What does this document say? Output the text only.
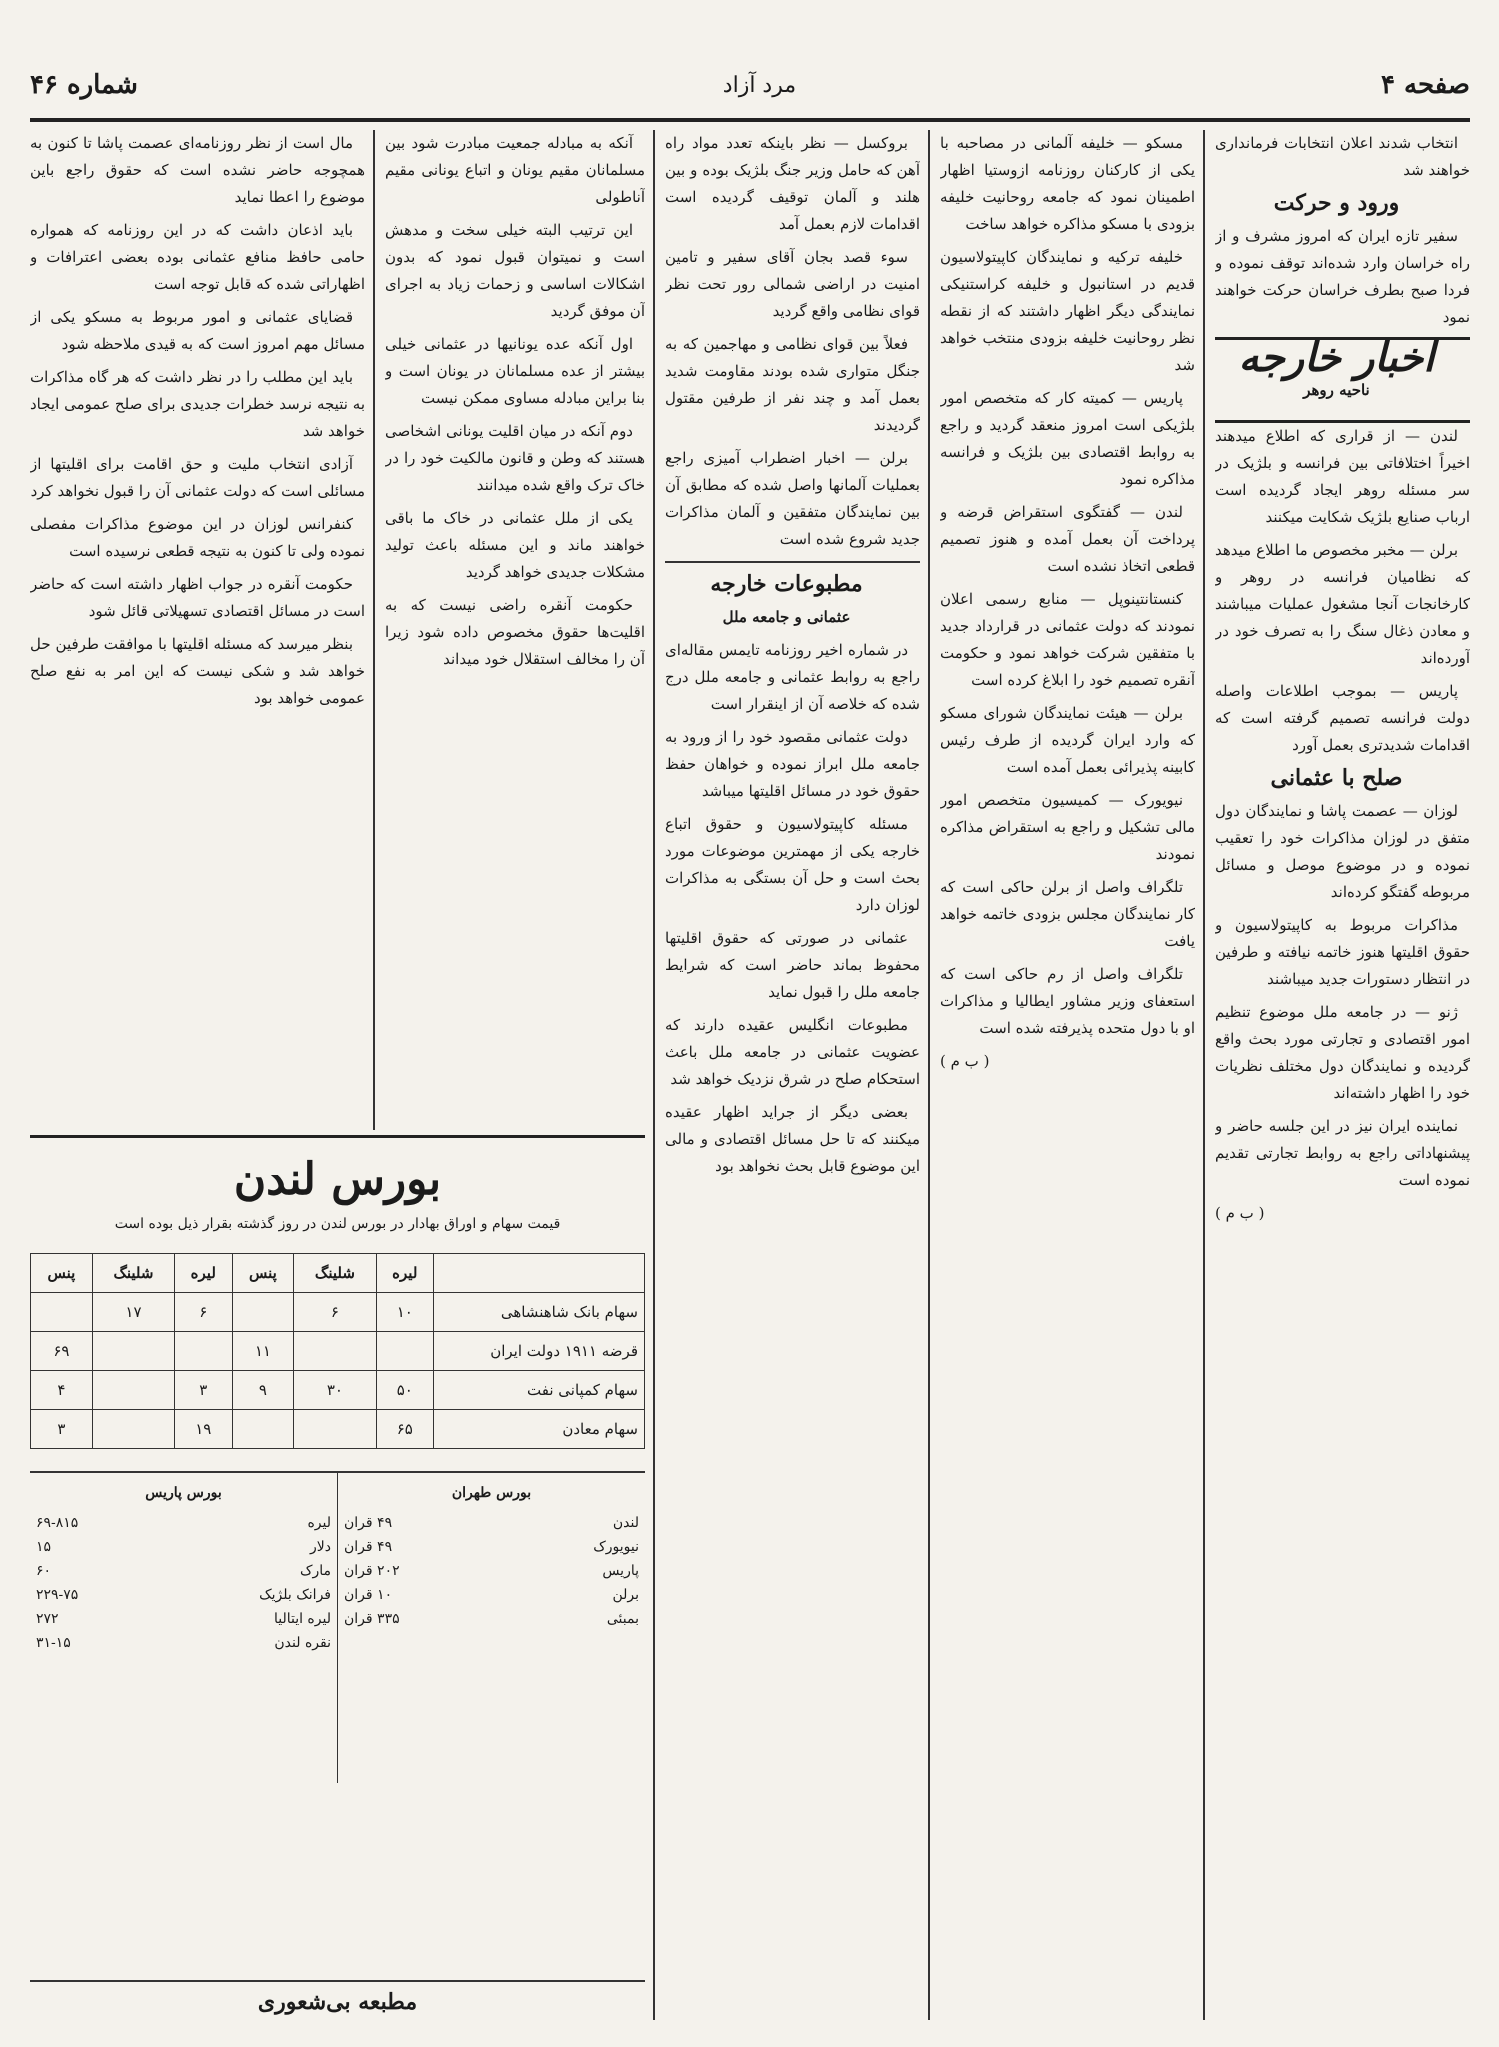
صفحه ۴
مرد آزاد
شماره ۴۶

انتخاب شدند اعلان انتخابات فرمانداری خواهند شد

ورود و حرکت

سفیر تازه ایران که امروز مشرف و از راه خراسان وارد شده‌اند توقف نموده و فردا صبح بطرف خراسان حرکت خواهند نمود

اخبار خارجه

ناحیه روهر

لندن — از قراری که اطلاع میدهند اخیراً اختلافاتی بین فرانسه و بلژیک در سر مسئله روهر ایجاد گردیده است ارباب صنایع بلژیک شکایت میکنند

برلن — مخبر مخصوص ما اطلاع میدهد که نظامیان فرانسه در روهر و کارخانجات آنجا مشغول عملیات میباشند و معادن ذغال سنگ را به تصرف خود در آورده‌اند

پاریس — بموجب اطلاعات واصله دولت فرانسه تصمیم گرفته است که اقدامات شدیدتری بعمل آورد

صلح با عثمانی

لوزان — عصمت پاشا و نمایندگان دول متفق در لوزان مذاکرات خود را تعقیب نموده و در موضوع موصل و مسائل مربوطه گفتگو کرده‌اند

مذاکرات مربوط به کاپیتولاسیون و حقوق اقلیتها هنوز خاتمه نیافته و طرفین در انتظار دستورات جدید میباشند

ژنو — در جامعه ملل موضوع تنظیم امور اقتصادی و تجارتی مورد بحث واقع گردیده و نمایندگان دول مختلف نظریات خود را اظهار داشته‌اند

نماینده ایران نیز در این جلسه حاضر و پیشنهاداتی راجع به روابط تجارتی تقدیم نموده است

( ب م )

مسکو — خلیفه آلمانی در مصاحبه با یکی از کارکنان روزنامه ازوستیا اظهار اطمینان نمود که جامعه روحانیت خلیفه بزودی با مسکو مذاکره خواهد ساخت

خلیفه ترکیه و نمایندگان کاپیتولاسیون قدیم در استانبول و خلیفه کراستنیکی نمایندگی دیگر اظهار داشتند که از نقطه نظر روحانیت خلیفه بزودی منتخب خواهد شد

پاریس — کمیته کار که متخصص امور بلژیکی است امروز منعقد گردید و راجع به روابط اقتصادی بین بلژیک و فرانسه مذاکره نمود

لندن — گفتگوی استقراض قرضه و پرداخت آن بعمل آمده و هنوز تصمیم قطعی اتخاذ نشده است

کنستانتینوپل — منابع رسمی اعلان نمودند که دولت عثمانی در قرارداد جدید با متفقین شرکت خواهد نمود و حکومت آنقره تصمیم خود را ابلاغ کرده است

برلن — هیئت نمایندگان شورای مسکو که وارد ایران گردیده از طرف رئیس کابینه پذیرائی بعمل آمده است

نیویورک — کمیسیون متخصص امور مالی تشکیل و راجع به استقراض مذاکره نمودند

تلگراف واصل از برلن حاکی است که کار نمایندگان مجلس بزودی خاتمه خواهد یافت

تلگراف واصل از رم حاکی است که استعفای وزیر مشاور ایطالیا و مذاکرات او با دول متحده پذیرفته شده است

( ب م )

بروکسل — نظر باینکه تعدد مواد راه آهن که حامل وزیر جنگ بلژیک بوده و بین هلند و آلمان توقیف گردیده است اقدامات لازم بعمل آمد

سوء قصد بجان آقای سفیر و تامین امنیت در اراضی شمالی رور تحت نظر قوای نظامی واقع گردید

فعلاً بین قوای نظامی و مهاجمین که به جنگل متواری شده بودند مقاومت شدید بعمل آمد و چند نفر از طرفین مقتول گردیدند

برلن — اخبار اضطراب آمیزی راجع بعملیات آلمانها واصل شده که مطابق آن بین نمایندگان متفقین و آلمان مذاکرات جدید شروع شده است

مطبوعات خارجه

عثمانی و جامعه ملل

در شماره اخیر روزنامه تایمس مقاله‌ای راجع به روابط عثمانی و جامعه ملل درج شده که خلاصه آن از اینقرار است

دولت عثمانی مقصود خود را از ورود به جامعه ملل ابراز نموده و خواهان حفظ حقوق خود در مسائل اقلیتها میباشد

مسئله کاپیتولاسیون و حقوق اتباع خارجه یکی از مهمترین موضوعات مورد بحث است و حل آن بستگی به مذاکرات لوزان دارد

عثمانی در صورتی که حقوق اقلیتها محفوظ بماند حاضر است که شرایط جامعه ملل را قبول نماید

مطبوعات انگلیس عقیده دارند که عضویت عثمانی در جامعه ملل باعث استحکام صلح در شرق نزدیک خواهد شد

بعضی دیگر از جراید اظهار عقیده میکنند که تا حل مسائل اقتصادی و مالی این موضوع قابل بحث نخواهد بود

آنکه به مبادله جمعیت مبادرت شود بین مسلمانان مقیم یونان و اتباع یونانی مقیم آناطولی

این ترتیب البته خیلی سخت و مدهش است و نمیتوان قبول نمود که بدون اشکالات اساسی و زحمات زیاد به اجرای آن موفق گردید

اول آنکه عده یونانیها در عثمانی خیلی بیشتر از عده مسلمانان در یونان است و بنا براین مبادله مساوی ممکن نیست

دوم آنکه در میان اقلیت یونانی اشخاصی هستند که وطن و قانون مالکیت خود را در خاک ترک واقع شده میدانند

یکی از ملل عثمانی در خاک ما باقی خواهند ماند و این مسئله باعث تولید مشکلات جدیدی خواهد گردید

حکومت آنقره راضی نیست که به اقلیت‌ها حقوق مخصوص داده شود زیرا آن را مخالف استقلال خود میداند

مال است از نظر روزنامه‌ای عصمت پاشا تا کنون به همچوجه حاضر نشده است که حقوق راجع باین موضوع را اعطا نماید

باید اذعان داشت که در این روزنامه که همواره حامی حافظ منافع عثمانی بوده بعضی اعترافات و اظهاراتی شده که قابل توجه است

قضایای عثمانی و امور مربوط به مسکو یکی از مسائل مهم امروز است که به قیدی ملاحظه شود

باید این مطلب را در نظر داشت که هر گاه مذاکرات به نتیجه نرسد خطرات جدیدی برای صلح عمومی ایجاد خواهد شد

آزادی انتخاب ملیت و حق اقامت برای اقلیتها از مسائلی است که دولت عثمانی آن را قبول نخواهد کرد

کنفرانس لوزان در این موضوع مذاکرات مفصلی نموده ولی تا کنون به نتیجه قطعی نرسیده است

حکومت آنقره در جواب اظهار داشته است که حاضر است در مسائل اقتصادی تسهیلاتی قائل شود

بنظر میرسد که مسئله اقلیتها با موافقت طرفین حل خواهد شد و شکی نیست که این امر به نفع صلح عمومی خواهد بود

بورس لندن
قیمت سهام و اوراق بهادار در بورس لندن در روز گذشته بقرار ذیل بوده است
	لیره	شلینگ	پنس	لیره	شلینگ	پنس
سهام بانک شاهنشاهی	۱۰	۶		۶	۱۷	
قرضه ۱۹۱۱ دولت ایران			۱۱			۶۹
سهام کمپانی نفت	۵۰	۳۰	۹	۳		۴
سهام معادن	۶۵			۱۹		۳
بورس طهران
لندن
۴۹ قران
نیویورک
۴۹ قران
پاریس
۲۰۲ قران
برلن
۱۰ قران
بمبئی
۳۳۵ قران
بورس پاریس
لیره
۶۹-۸۱۵
دلار
۱۵
مارک
۶۰
فرانک بلژیک
۲۲۹-۷۵
لیره ایتالیا
۲۷۲
نقره لندن
۳۱-۱۵
مطبعه بی‌شعوری
